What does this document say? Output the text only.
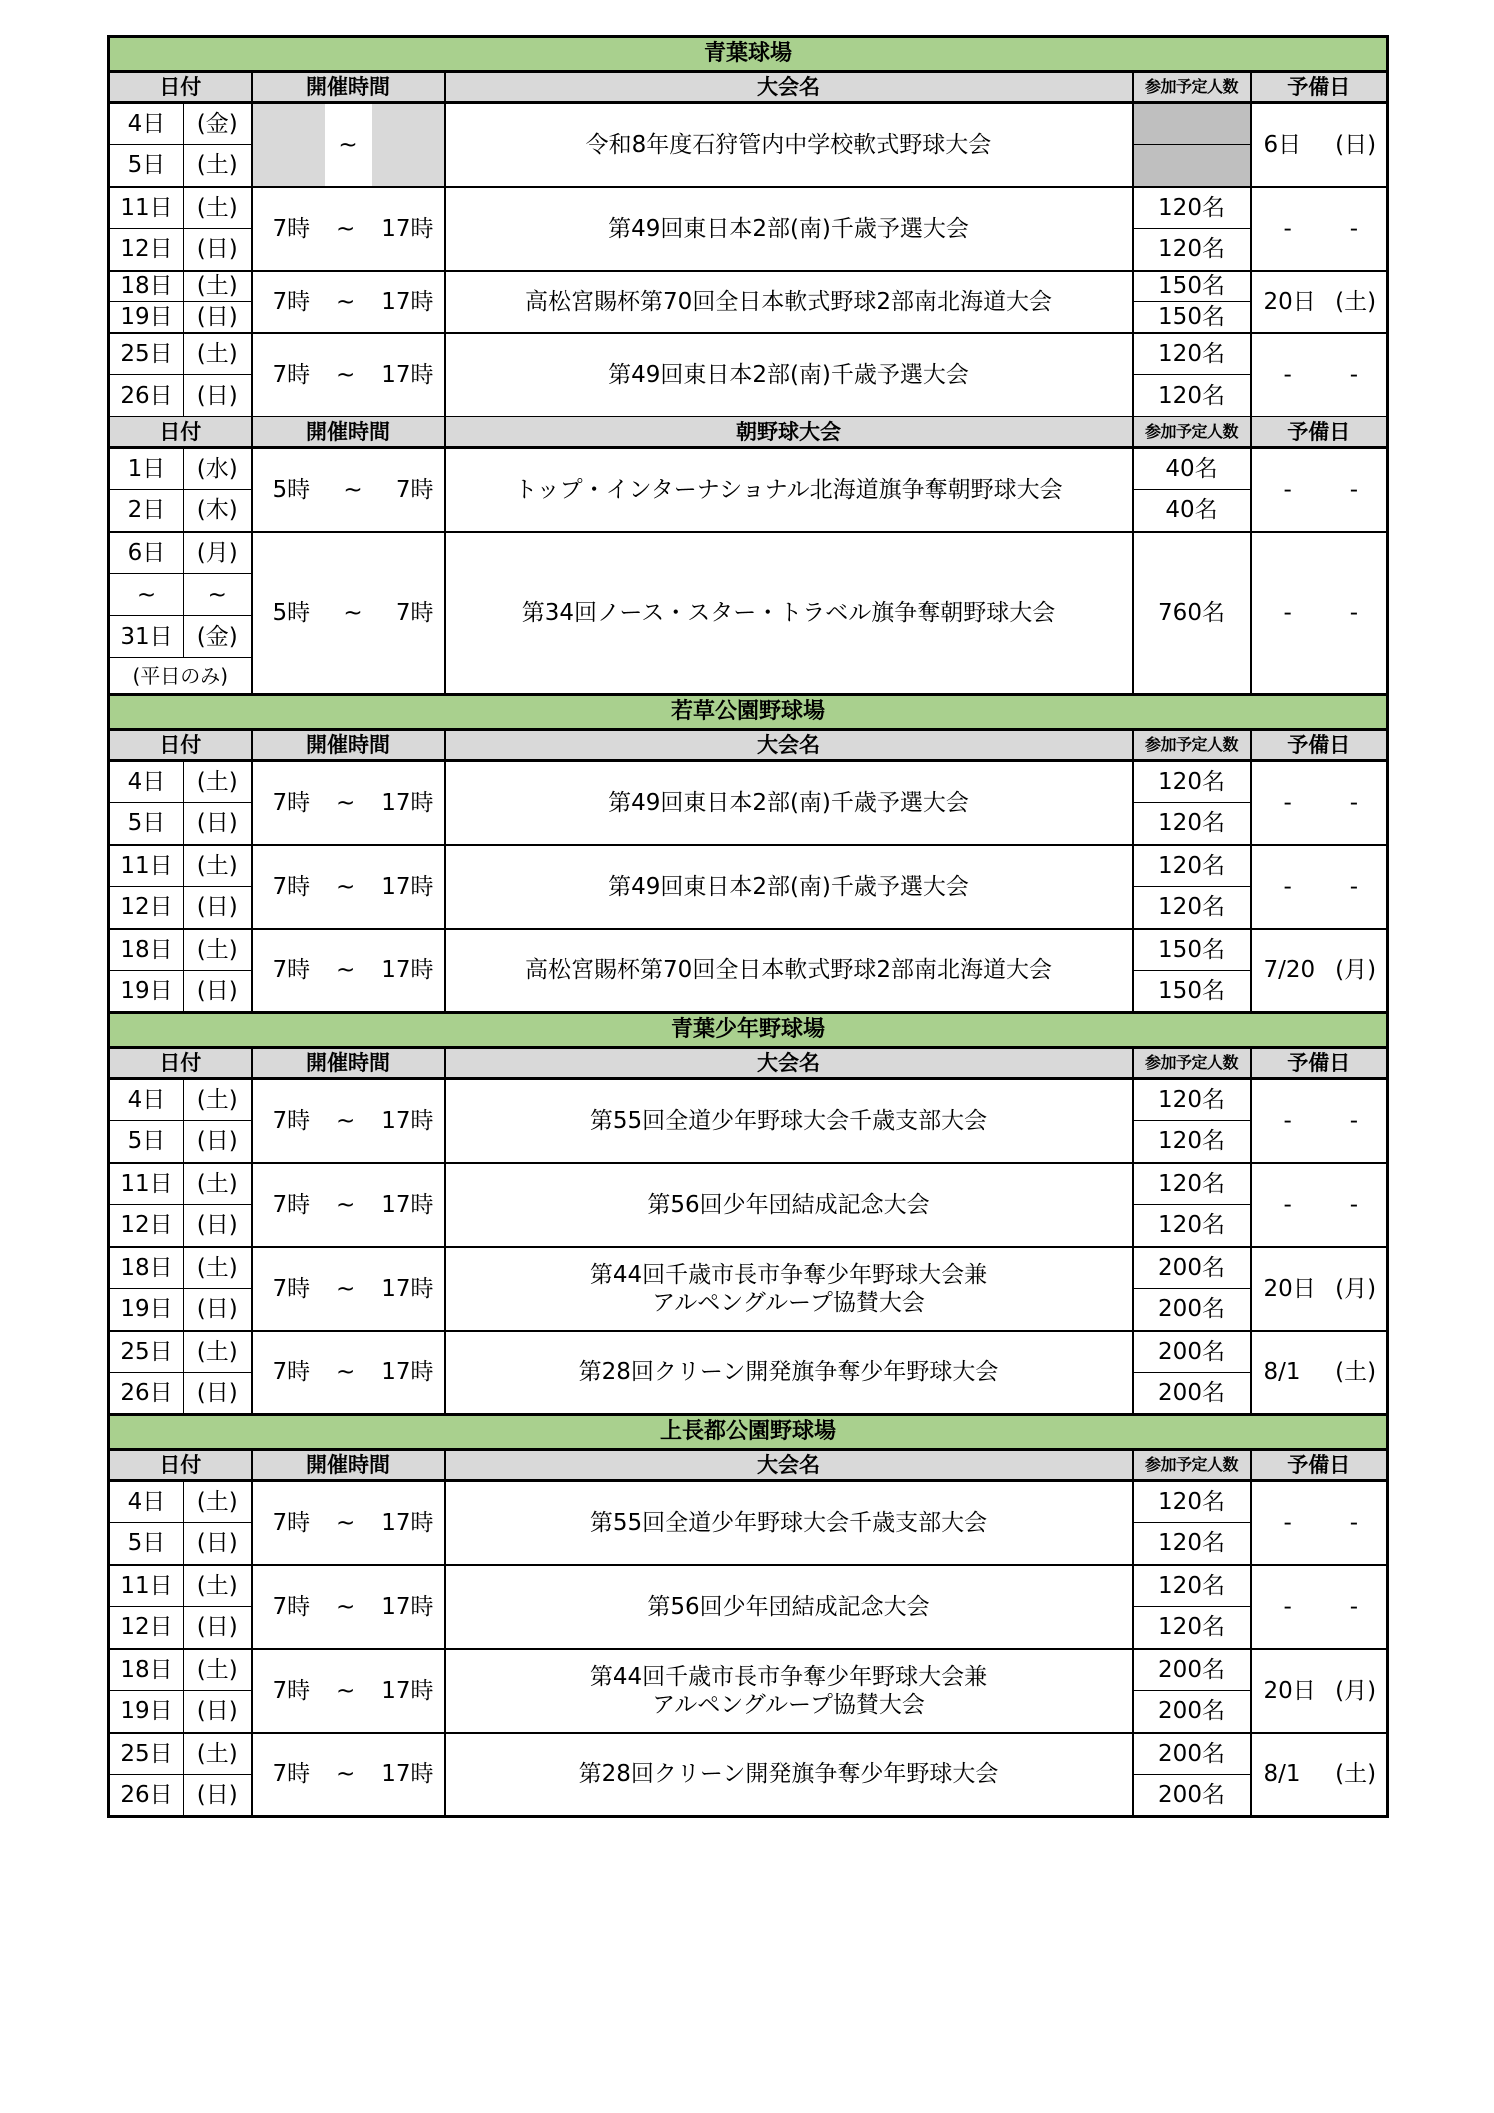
青葉球場					
日付		開催時間	大会名	参加予定人数	予備日
4日	(金)	~	令和8年度石狩管内中学校軟式野球大会		6日 (日)

5日	(土)				
11日	(土)	7時 ~ 17時	第49回東日本2部(南)千歳予選大会	120名	- -

12日	(日)			120名	
18日	(土)	7時 ~ 17時	高松宮賜杯第70回全日本軟式野球2部南北海道大会	150名	20日 (土)

19日	(日)			150名	
25日	(土)	7時 ~ 17時	第49回東日本2部(南)千歳予選大会	120名	- -

26日	(日)			120名	
日付		開催時間	朝野球大会	参加予定人数	予備日
1日	(水)	5時 ~ 7時	トップ・インターナショナル北海道旗争奪朝野球大会	40名	- -

2日	(木)			40名	
6日	(月)	5時 ~ 7時	第34回ノース・スター・トラベル旗争奪朝野球大会	760名	- -

~	~				
31日	(金)				
(平日のみ)					
若草公園野球場					
日付		開催時間	大会名	参加予定人数	予備日
4日	(土)	7時 ~ 17時	第49回東日本2部(南)千歳予選大会	120名	- -

5日	(日)			120名	
11日	(土)	7時 ~ 17時	第49回東日本2部(南)千歳予選大会	120名	- -

12日	(日)			120名	
18日	(土)	7時 ~ 17時	高松宮賜杯第70回全日本軟式野球2部南北海道大会	150名	7/20 (月)

19日	(日)			150名	
青葉少年野球場					
日付		開催時間	大会名	参加予定人数	予備日
4日	(土)	7時 ~ 17時	第55回全道少年野球大会千歳支部大会	120名	- -

5日	(日)			120名	
11日	(土)	7時 ~ 17時	第56回少年団結成記念大会	120名	- -

12日	(日)			120名	
18日	(土)	7時 ~ 17時	第44回千歳市長市争奪少年野球大会兼
アルペングループ協賛大会	200名	20日 (月)

19日	(日)			200名	
25日	(土)	7時 ~ 17時	第28回クリーン開発旗争奪少年野球大会	200名	8/1 (土)

26日	(日)			200名	
上長都公園野球場					
日付		開催時間	大会名	参加予定人数	予備日
4日	(土)	7時 ~ 17時	第55回全道少年野球大会千歳支部大会	120名	- -

5日	(日)			120名	
11日	(土)	7時 ~ 17時	第56回少年団結成記念大会	120名	- -

12日	(日)			120名	
18日	(土)	7時 ~ 17時	第44回千歳市長市争奪少年野球大会兼
アルペングループ協賛大会	200名	20日 (月)

19日	(日)			200名	
25日	(土)	7時 ~ 17時	第28回クリーン開発旗争奪少年野球大会	200名	8/1 (土)

26日	(日)			200名	
